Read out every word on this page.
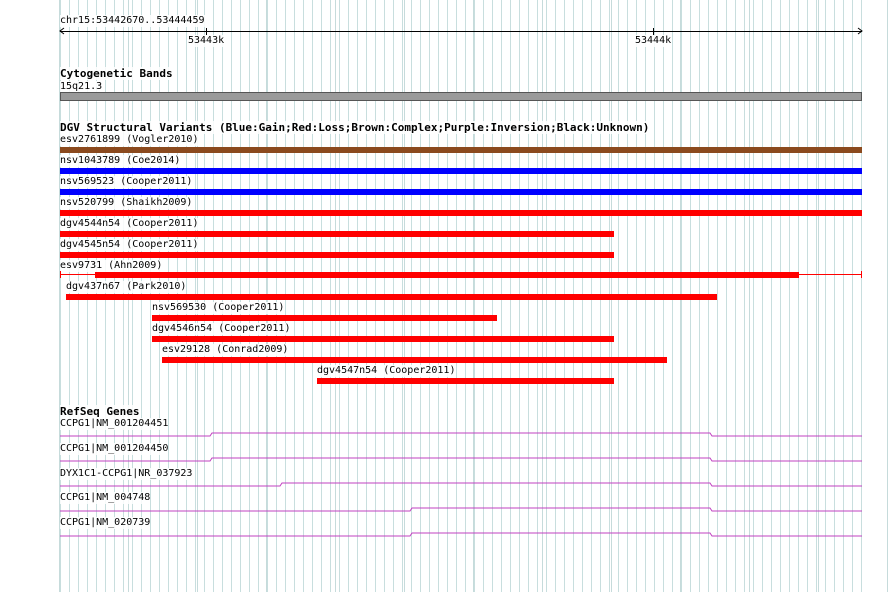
chr15:53442670..53444459
53443k	53444k
Cytogenetic Bands
15q21.3
DGV Structural Variants (Blue:Gain;Red:Loss;Brown:Complex;Purple:Inversion;Black:Unknown)
esv2761899 (Vogler2010)
nsv1043789 (Coe2014)
nsv569523 (Cooper2011)
nsv520799 (Shaikh2009)
dgv4544n54 (Cooper2011)
dgv4545n54 (Cooper2011)
esv9731 (Ahn2009)
dgv437n67 (Park2010)
nsv569530 (Cooper2011)
dgv4546n54 (Cooper2011)
esv29128 (Conrad2009)
dgv4547n54 (Cooper2011)
RefSeq Genes
CCPG1|NM_001204451
CCPG1|NM_001204450
DYX1C1-CCPG1|NR_037923
CCPG1|NM_004748
CCPG1|NM_020739
